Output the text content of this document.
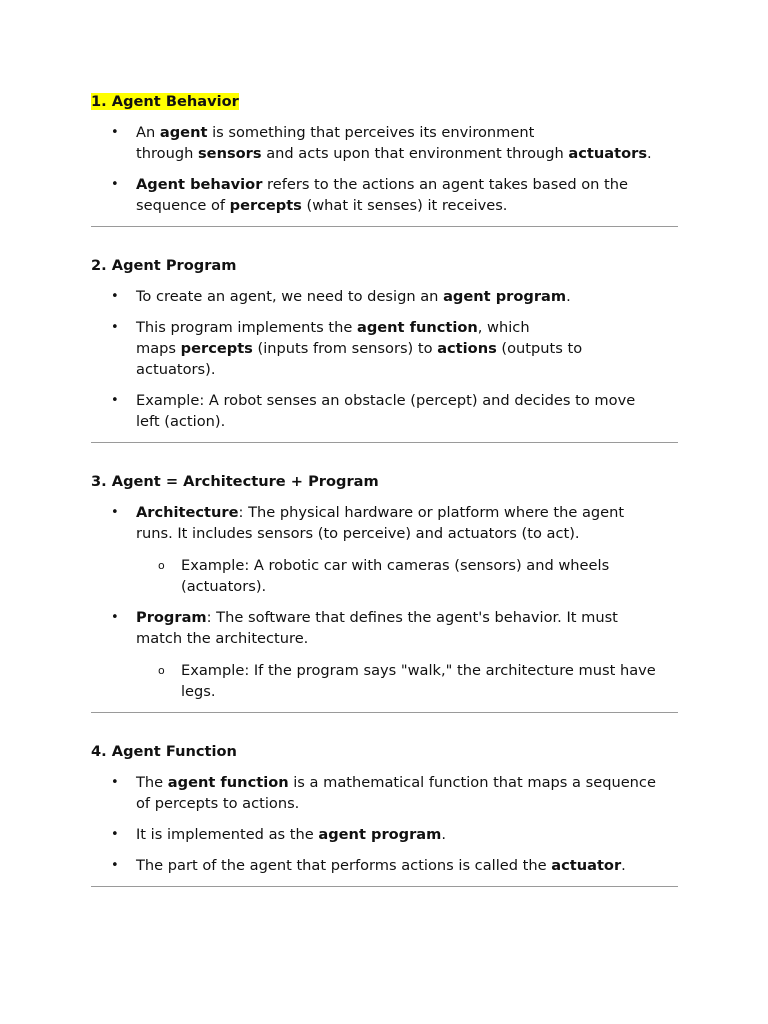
1. Agent Behavior

• An agent is something that perceives its environment
through sensors and acts upon that environment through actuators.
• Agent behavior refers to the actions an agent takes based on the
sequence of percepts (what it senses) it receives.

2. Agent Program

• To create an agent, we need to design an agent program.
• This program implements the agent function, which
maps percepts (inputs from sensors) to actions (outputs to
actuators).
• Example: A robot senses an obstacle (percept) and decides to move
left (action).

3. Agent = Architecture + Program

• Architecture: The physical hardware or platform where the agent
runs. It includes sensors (to perceive) and actuators (to act).
o Example: A robotic car with cameras (sensors) and wheels
(actuators).
• Program: The software that defines the agent's behavior. It must
match the architecture.
o Example: If the program says "walk," the architecture must have
legs.

4. Agent Function

• The agent function is a mathematical function that maps a sequence
of percepts to actions.
• It is implemented as the agent program.
• The part of the agent that performs actions is called the actuator.
